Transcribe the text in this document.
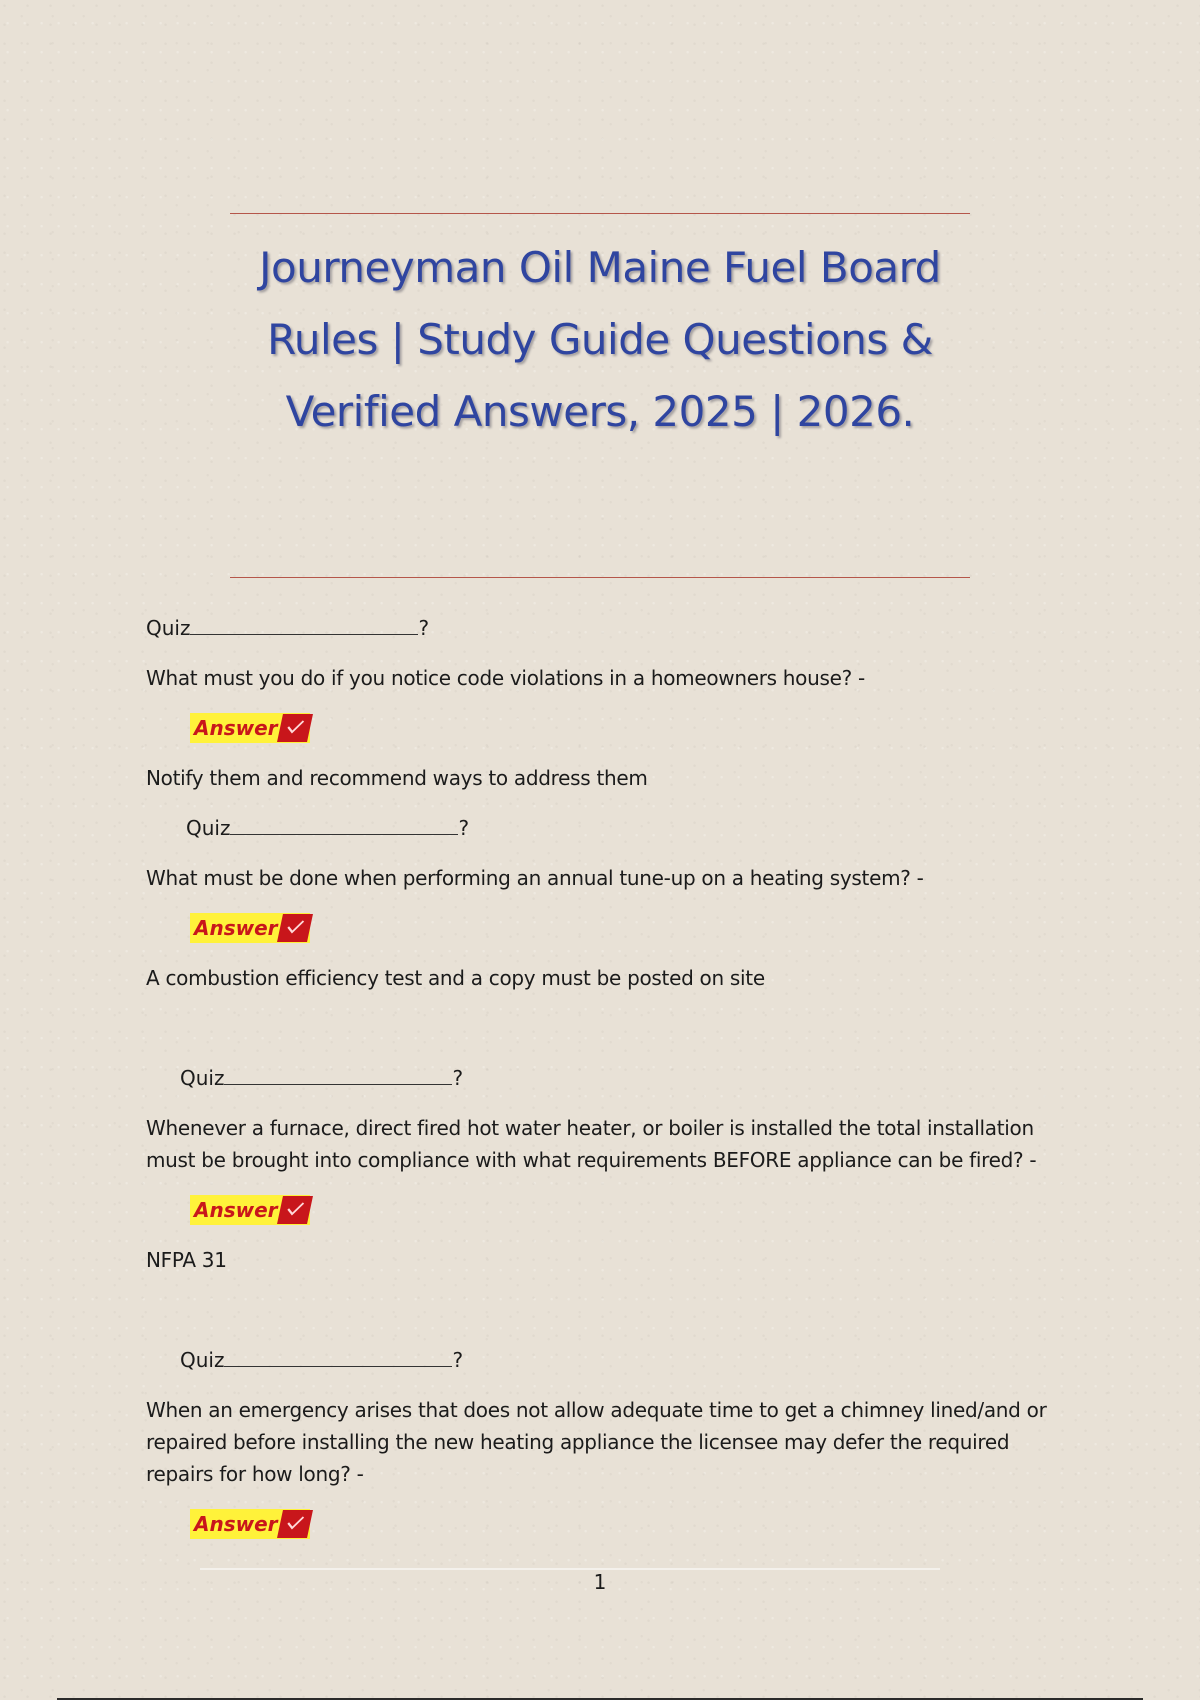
Journeyman Oil Maine Fuel Board Rules | Study Guide Questions & Verified Answers, 2025 | 2026.
Quiz	?
What must you do if you notice code violations in a homeowners house? -
Answer
Notify them and recommend ways to address them
Quiz	?
What must be done when performing an annual tune-up on a heating system? -
Answer
A combustion efficiency test and a copy must be posted on site
Quiz	?
Whenever a furnace, direct fired hot water heater, or boiler is installed the total installation must be brought into compliance with what requirements BEFORE appliance can be fired? -
Answer
NFPA 31
Quiz	?
When an emergency arises that does not allow adequate time to get a chimney lined/and or repaired before installing the new heating appliance the licensee may defer the required repairs for how long? -
Answer
1
